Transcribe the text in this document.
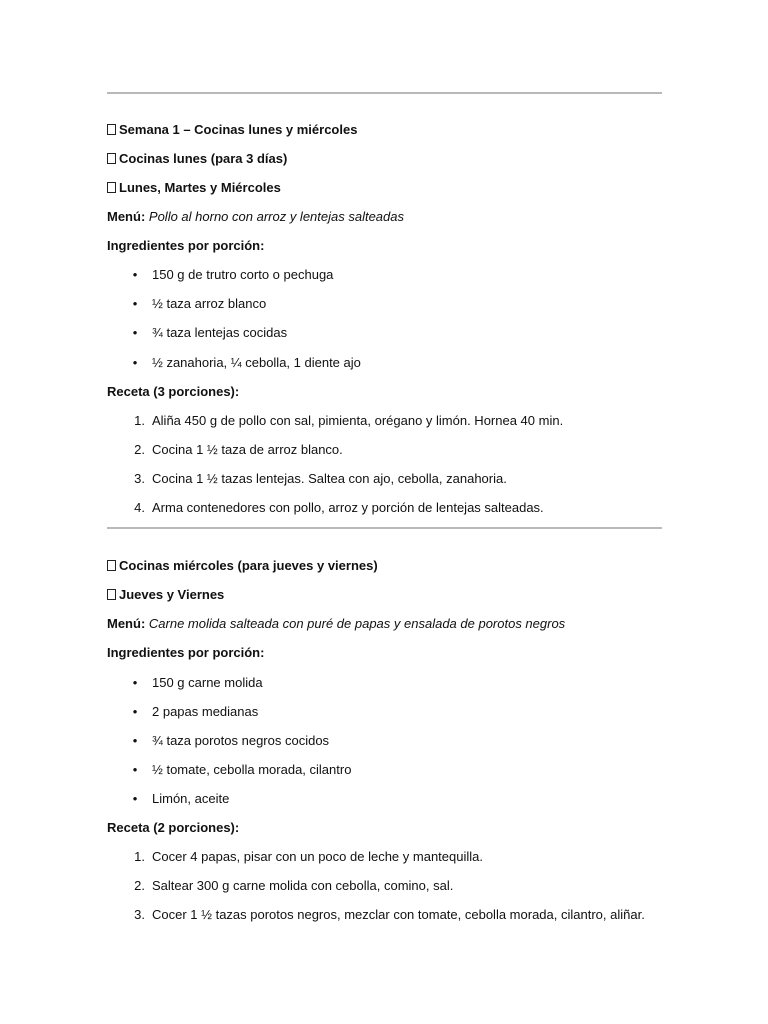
Semana 1 – Cocinas lunes y miércoles
Cocinas lunes (para 3 días)
Lunes, Martes y Miércoles
Menú: Pollo al horno con arroz y lentejas salteadas
Ingredientes por porción:
• 150 g de trutro corto o pechuga
• ½ taza arroz blanco
• ¾ taza lentejas cocidas
• ½ zanahoria, ¼ cebolla, 1 diente ajo
Receta (3 porciones):
1. Aliña 450 g de pollo con sal, pimienta, orégano y limón. Hornea 40 min.
2. Cocina 1 ½ taza de arroz blanco.
3. Cocina 1 ½ tazas lentejas. Saltea con ajo, cebolla, zanahoria.
4. Arma contenedores con pollo, arroz y porción de lentejas salteadas.
Cocinas miércoles (para jueves y viernes)
Jueves y Viernes
Menú: Carne molida salteada con puré de papas y ensalada de porotos negros
Ingredientes por porción:
• 150 g carne molida
• 2 papas medianas
• ¾ taza porotos negros cocidos
• ½ tomate, cebolla morada, cilantro
• Limón, aceite
Receta (2 porciones):
1. Cocer 4 papas, pisar con un poco de leche y mantequilla.
2. Saltear 300 g carne molida con cebolla, comino, sal.
3. Cocer 1 ½ tazas porotos negros, mezclar con tomate, cebolla morada, cilantro, aliñar.
